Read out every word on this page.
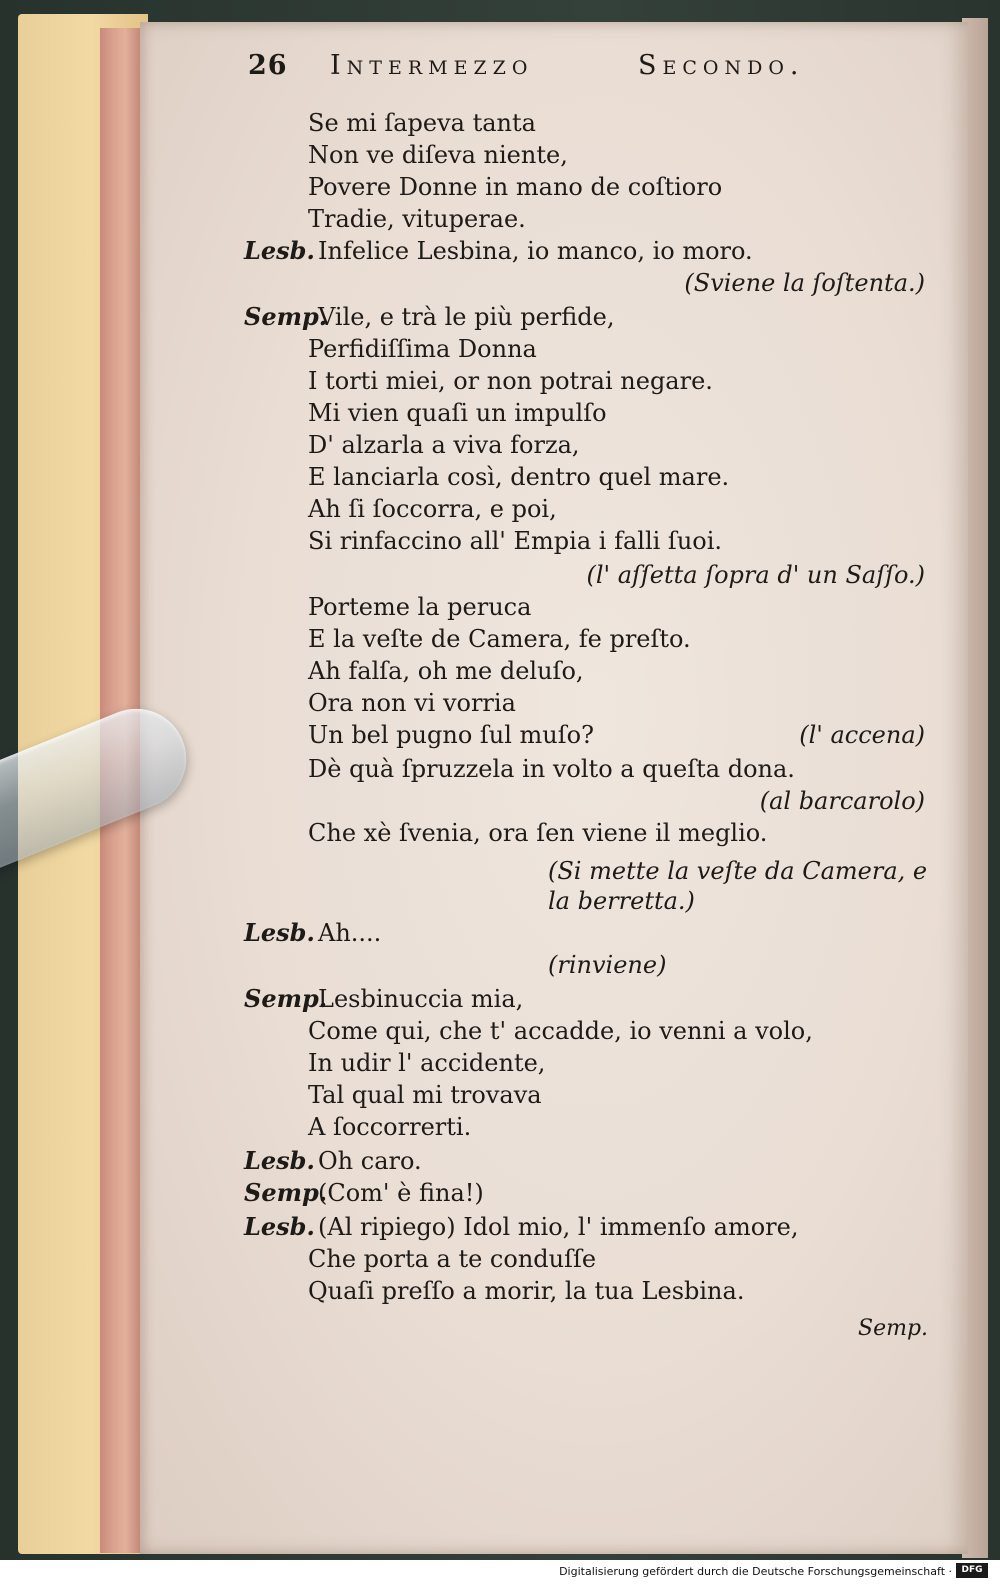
26 Intermezzo	Secondo.
Se mi ſapeva tanta
Non ve diſeva niente,
Povere Donne in mano de coſtioro
Tradie, vituperae.
Lesb. Infelice Lesbina, io manco, io moro.
(Sviene la ſoſtenta.)
Semp.
Vile, e trà le più perfide,
Perfidiſſima Donna
I torti miei, or non potrai negare.
Mi vien quaſi un impulſo
D' alzarla a viva forza,
E lanciarla così, dentro quel mare.
Ah ſi ſoccorra, e poi,
Si rinfaccino all' Empia i falli ſuoi.
(l' aſſetta ſopra d' un Saſſo.)
Porteme la peruca
E la veſte de Camera, fe preſto.
Ah falſa, oh me deluſo,
Ora non vi vorria
Un bel pugno ſul muſo?	(l' accena)
Dè quà ſpruzzela in volto a queſta dona.
(al barcarolo)
Che xè ſvenia, ora ſen viene il meglio.
(Si mette la veſte da Camera, e
la berretta.)
Lesb. Ah....
(rinviene)
Semp.
Lesbinuccia mia,
Come qui, che t' accadde, io venni a volo,
In udir l' accidente,
Tal qual mi trovava
A ſoccorrerti.
Lesb. Oh caro.
Semp.
(Com' è fina!)
Lesb. (Al ripiego) Idol mio, l' immenſo amore,
Che porta a te conduſſe
Quaſi preſſo a morir, la tua Lesbina.
Semp.
Digitalisierung gefördert durch die Deutsche Forschungsgemeinschaft ·	DFG
